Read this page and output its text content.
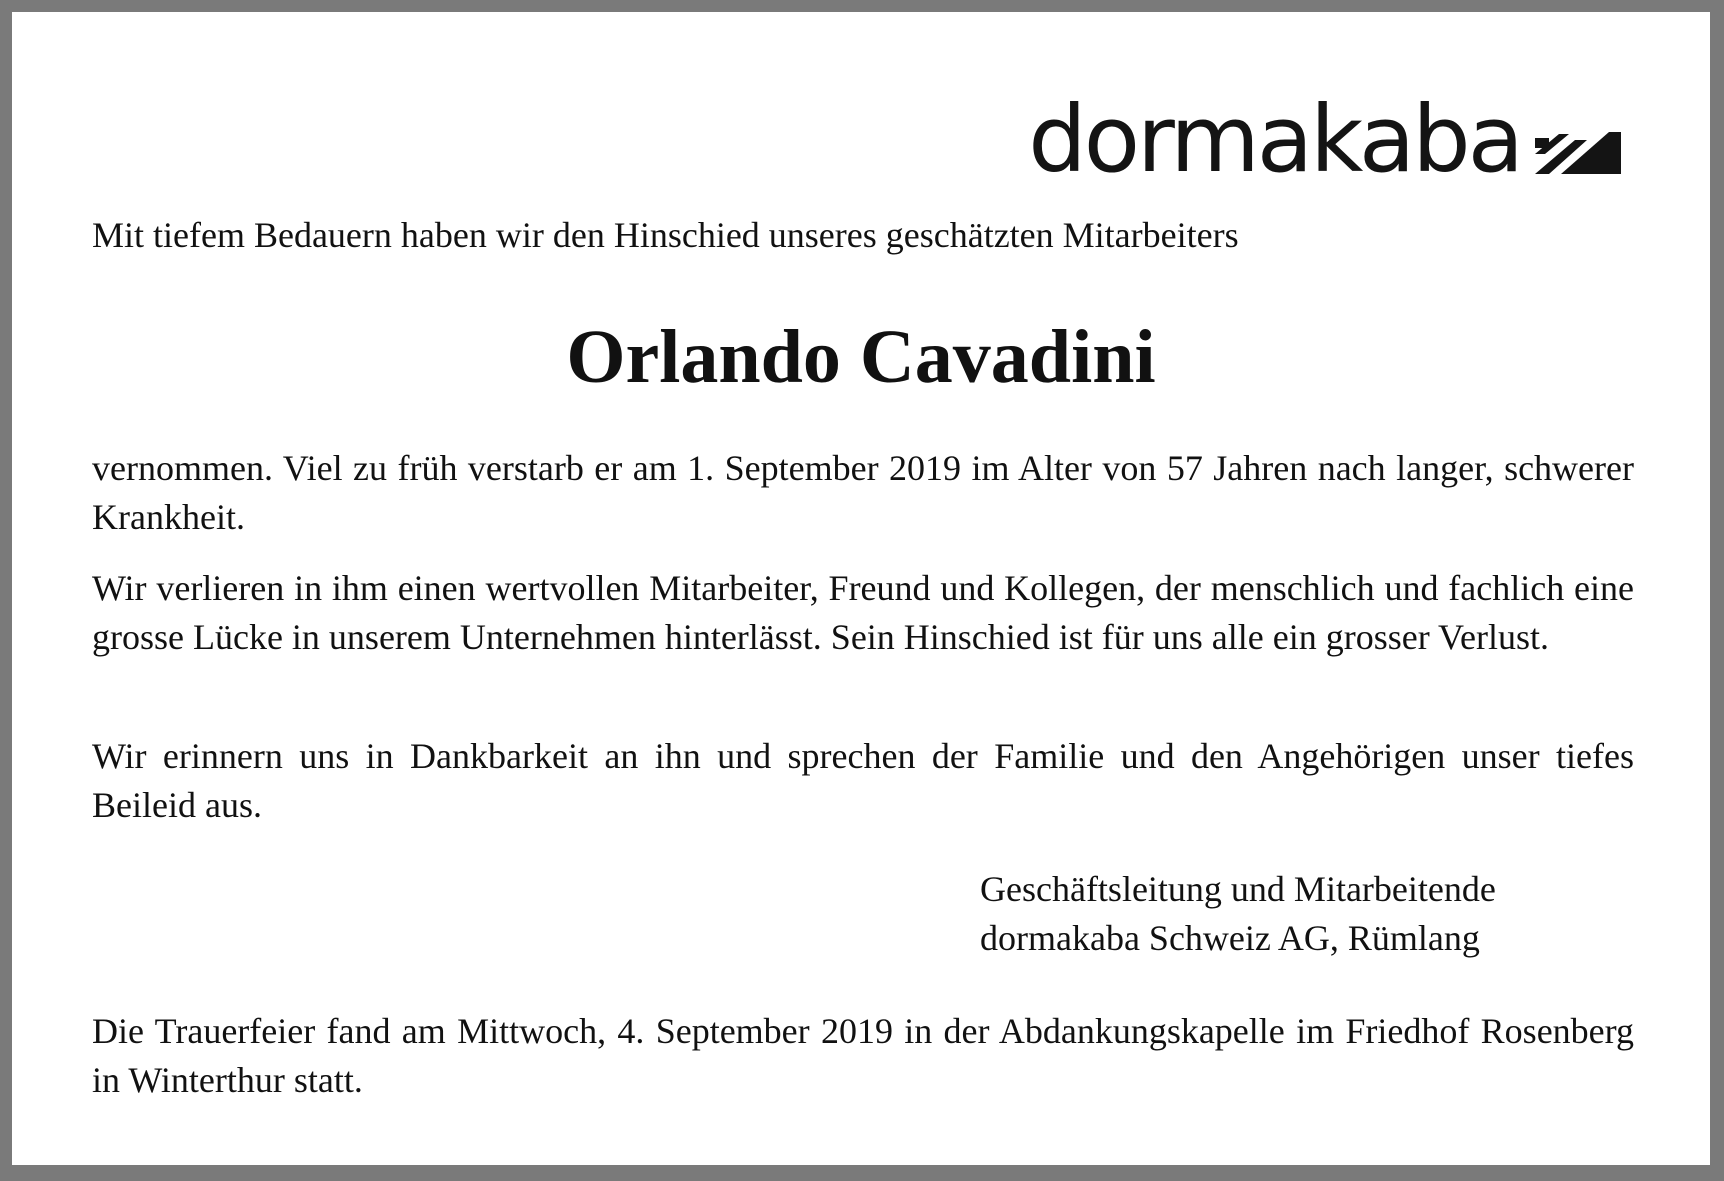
dormakaba

Mit tiefem Bedauern haben wir den Hinschied unseres geschätzten Mitarbeiters

Orlando Cavadini

vernommen. Viel zu früh verstarb er am 1. September 2019 im Alter von 57 Jahren nach langer, schwerer Krankheit.

Wir verlieren in ihm einen wertvollen Mitarbeiter, Freund und Kollegen, der menschlich und fachlich eine grosse Lücke in unserem Unternehmen hinterlässt. Sein Hinschied ist für uns alle ein grosser Verlust.

Wir erinnern uns in Dankbarkeit an ihn und sprechen der Familie und den Angehörigen unser tiefes Beileid aus.

Geschäftsleitung und Mitarbeitende
dormakaba Schweiz AG, Rümlang

Die Trauerfeier fand am Mittwoch, 4. September 2019 in der Abdankungskapelle im Friedhof Rosenberg in Winterthur statt.
